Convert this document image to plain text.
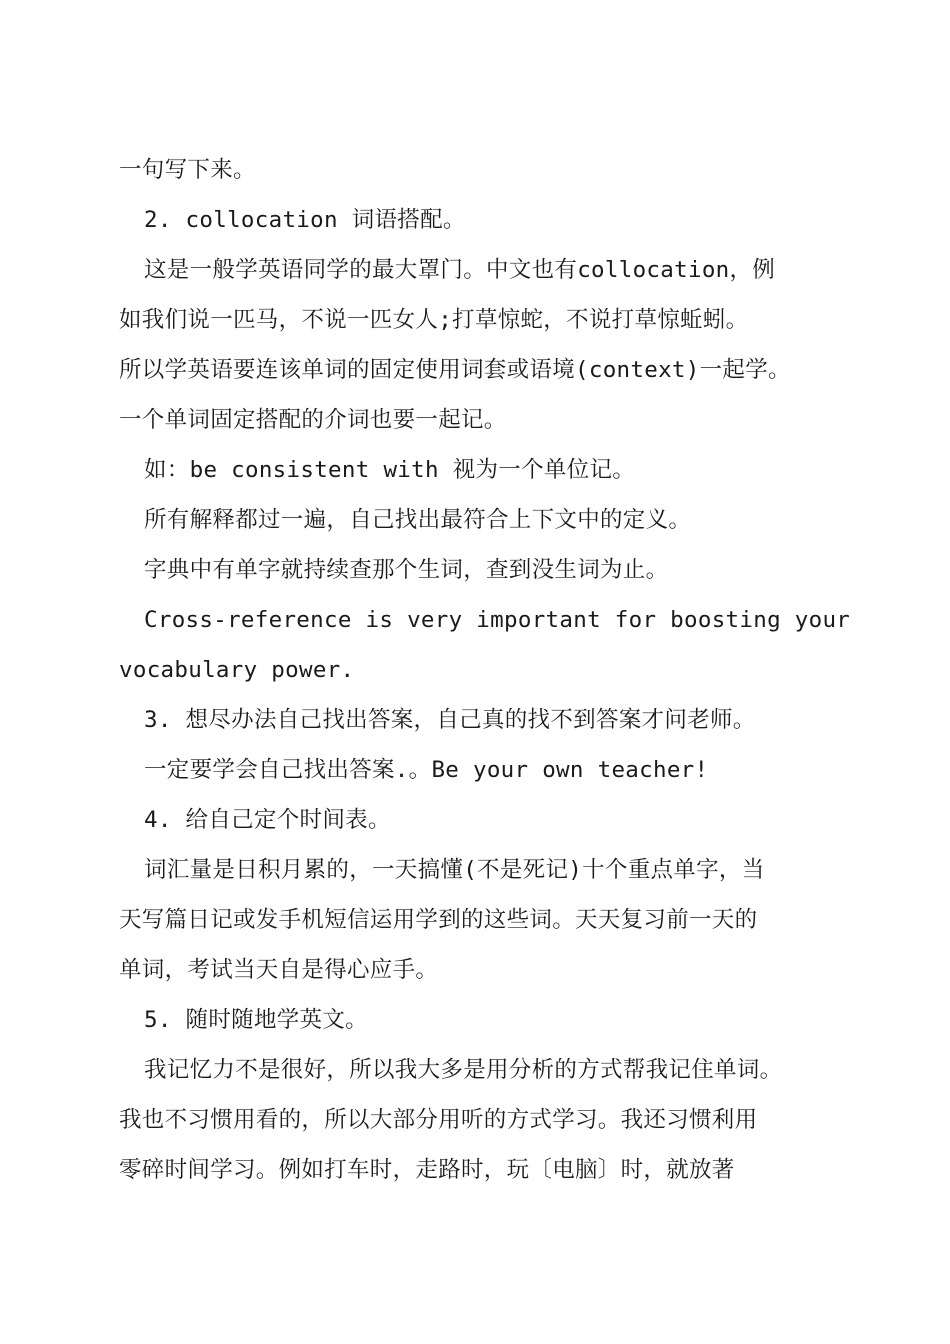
一句写下来。
2. collocation 词语搭配。
这是一般学英语同学的最大罩门。中文也有collocation，例
如我们说一匹马，不说一匹女人;打草惊蛇，不说打草惊蚯蚓。
所以学英语要连该单词的固定使用词套或语境(context)一起学。
一个单词固定搭配的介词也要一起记。
如：be consistent with 视为一个单位记。
所有解释都过一遍，自己找出最符合上下文中的定义。
字典中有单字就持续查那个生词，查到没生词为止。
Cross-reference is very important for boosting your
vocabulary power.
3. 想尽办法自己找出答案，自己真的找不到答案才问老师。
一定要学会自己找出答案.。Be your own teacher!
4. 给自己定个时间表。
词汇量是日积月累的，一天搞懂(不是死记)十个重点单字，当
天写篇日记或发手机短信运用学到的这些词。天天复习前一天的
单词，考试当天自是得心应手。
5. 随时随地学英文。
我记忆力不是很好，所以我大多是用分析的方式帮我记住单词。
我也不习惯用看的，所以大部分用听的方式学习。我还习惯利用
零碎时间学习。例如打车时，走路时，玩〔电脑〕时，就放著
